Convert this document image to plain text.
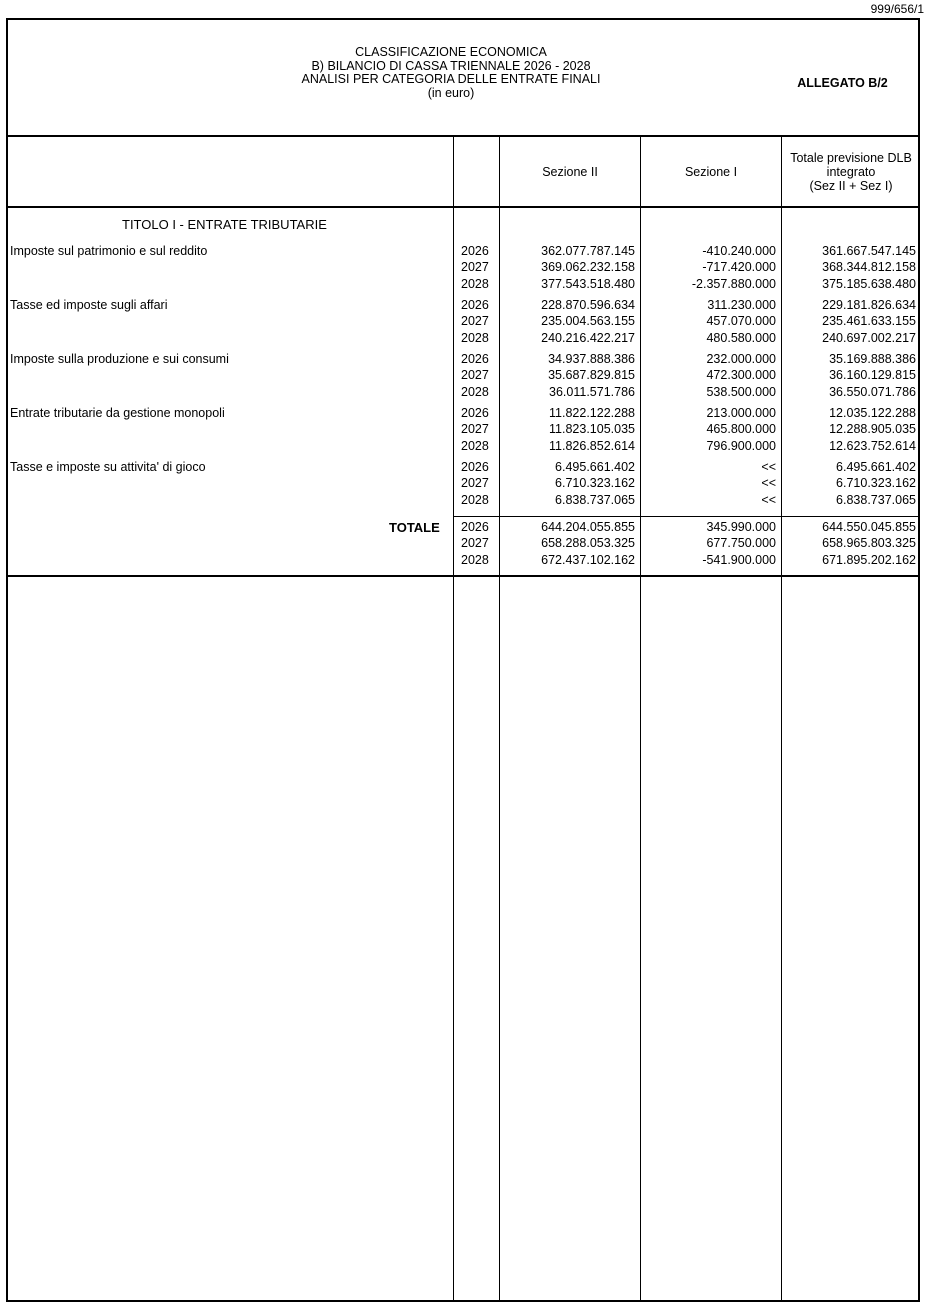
999/656/1
CLASSIFICAZIONE ECONOMICA
B) BILANCIO DI CASSA TRIENNALE 2026 - 2028
ANALISI PER CATEGORIA DELLE ENTRATE FINALI
(in euro)
ALLEGATO B/2
Sezione II	Sezione I
Totale previsione DLB
integrato
(Sez II + Sez I)
TITOLO I - ENTRATE TRIBUTARIE
Imposte sul patrimonio e sul reddito	2026	362.077.787.145	-410.240.000	361.667.547.145
2027	369.062.232.158	-717.420.000	368.344.812.158
2028	377.543.518.480	-2.357.880.000	375.185.638.480
Tasse ed imposte sugli affari	2026	228.870.596.634	311.230.000	229.181.826.634
2027	235.004.563.155	457.070.000	235.461.633.155
2028	240.216.422.217	480.580.000	240.697.002.217
Imposte sulla produzione e sui consumi	2026	34.937.888.386	232.000.000	35.169.888.386
2027	35.687.829.815	472.300.000	36.160.129.815
2028	36.011.571.786	538.500.000	36.550.071.786
Entrate tributarie da gestione monopoli	2026	11.822.122.288	213.000.000	12.035.122.288
2027	11.823.105.035	465.800.000	12.288.905.035
2028	11.826.852.614	796.900.000	12.623.752.614
Tasse e imposte su attivita' di gioco	2026	6.495.661.402	<<	6.495.661.402
2027	6.710.323.162	<<	6.710.323.162
2028	6.838.737.065	<<	6.838.737.065
TOTALE 2026	644.204.055.855	345.990.000	644.550.045.855
2027	658.288.053.325	677.750.000	658.965.803.325
2028	672.437.102.162	-541.900.000	671.895.202.162
